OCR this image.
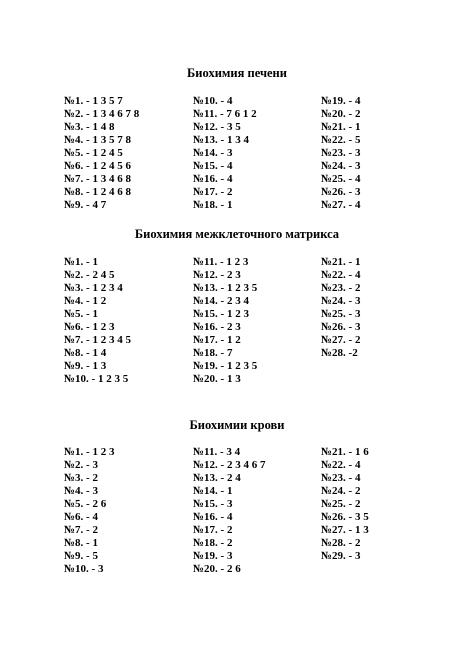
Биохимия печени
№1. - 1 3 5 7
№2. - 1 3 4 6 7 8
№3. - 1 4 8
№4. - 1 3 5 7 8
№5. - 1 2 4 5
№6. - 1 2 4 5 6
№7. - 1 3 4 6 8
№8. - 1 2 4 6 8
№9. - 4 7
№10. - 4
№11. - 7 6 1 2
№12. - 3 5
№13. - 1 3 4
№14. - 3
№15. - 4
№16. - 4
№17. - 2
№18. - 1
№19. - 4
№20. - 2
№21. - 1
№22. - 5
№23. - 3
№24. - 3
№25. - 4
№26. - 3
№27. - 4
Биохимия межклеточного матрикса
№1. - 1
№2. - 2 4 5
№3. - 1 2 3 4
№4. - 1 2
№5. - 1
№6. - 1 2 3
№7. - 1 2 3 4 5
№8. - 1 4
№9. - 1 3
№10. - 1 2 3 5
№11. - 1 2 3
№12. - 2 3
№13. - 1 2 3 5
№14. - 2 3 4
№15. - 1 2 3
№16. - 2 3
№17. - 1 2
№18. - 7
№19. - 1 2 3 5
№20. - 1 3
№21. - 1
№22. - 4
№23. - 2
№24. - 3
№25. - 3
№26. - 3
№27. - 2
№28. -2
Биохимии крови
№1. - 1 2 3
№2. - 3
№3. - 2
№4. - 3
№5. - 2 6
№6. - 4
№7. - 2
№8. - 1
№9. - 5
№10. - 3
№11. - 3 4
№12. - 2 3 4 6 7
№13. - 2 4
№14. - 1
№15. - 3
№16. - 4
№17. - 2
№18. - 2
№19. - 3
№20. - 2 6
№21. - 1 6
№22. - 4
№23. - 4
№24. - 2
№25. - 2
№26. - 3 5
№27. - 1 3
№28. - 2
№29. - 3
